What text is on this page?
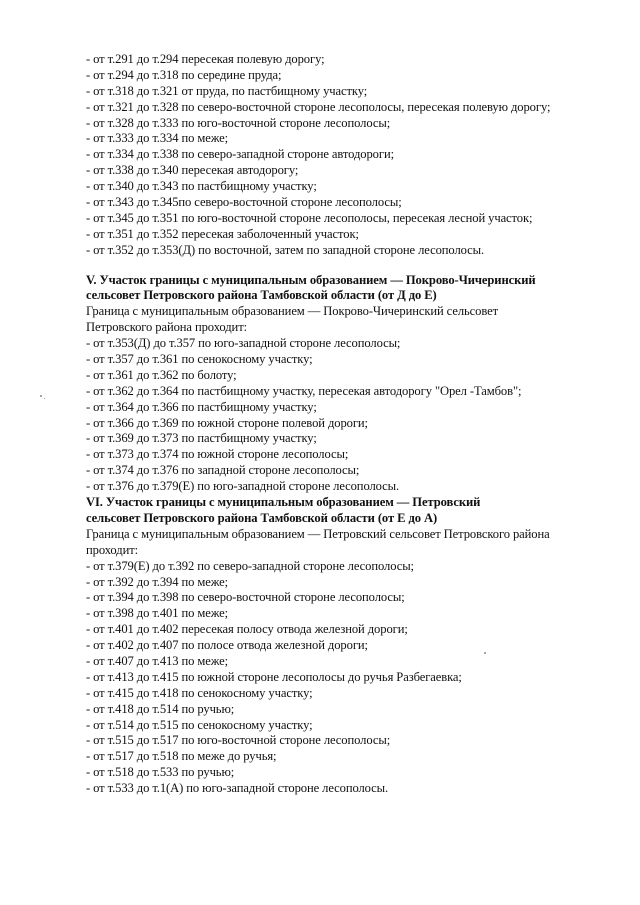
- от т.291 до т.294 пересекая полевую дорогу;
- от т.294 до т.318 по середине пруда;
- от т.318 до т.321 от пруда, по пастбищному участку;
- от т.321 до т.328 по северо-восточной стороне лесополосы, пересекая полевую дорогу;
- от т.328 до т.333 по юго-восточной стороне лесополосы;
- от т.333 до т.334 по меже;
- от т.334 до т.338 по северо-западной стороне автодороги;
- от т.338 до т.340 пересекая автодорогу;
- от т.340 до т.343 по пастбищному участку;
- от т.343 до т.345по северо-восточной стороне лесополосы;
- от т.345 до т.351 по юго-восточной стороне лесополосы, пересекая лесной участок;
- от т.351 до т.352 пересекая заболоченный участок;
- от т.352 до т.353(Д) по восточной, затем по западной стороне лесополосы.
V. Участок границы с муниципальным образованием — Покрово-Чичеринский
сельсовет Петровского района Тамбовской области (от Д до Е)
Граница с муниципальным образованием — Покрово-Чичеринский сельсовет
Петровского района проходит:
- от т.353(Д) до т.357 по юго-западной стороне лесополосы;
- от т.357 до т.361 по сенокосному участку;
- от т.361 до т.362 по болоту;
- от т.362 до т.364 по пастбищному участку, пересекая автодорогу "Орел -Тамбов";
- от т.364 до т.366 по пастбищному участку;
- от т.366 до т.369 по южной стороне полевой дороги;
- от т.369 до т.373 по пастбищному участку;
- от т.373 до т.374 по южной стороне лесополосы;
- от т.374 до т.376 по западной стороне лесополосы;
- от т.376 до т.379(Е) по юго-западной стороне лесополосы.
VI. Участок границы с муниципальным образованием — Петровский
сельсовет Петровского района Тамбовской области (от Е до А)
Граница с муниципальным образованием — Петровский сельсовет Петровского района
проходит:
- от т.379(Е) до т.392 по северо-западной стороне лесополосы;
- от т.392 до т.394 по меже;
- от т.394 до т.398 по северо-восточной стороне лесополосы;
- от т.398 до т.401 по меже;
- от т.401 до т.402 пересекая полосу отвода железной дороги;
- от т.402 до т.407 по полосе отвода железной дороги;
- от т.407 до т.413 по меже;
- от т.413 до т.415 по южной стороне лесополосы до ручья Разбегаевка;
- от т.415 до т.418 по сенокосному участку;
- от т.418 до т.514 по ручью;
- от т.514 до т.515 по сенокосному участку;
- от т.515 до т.517 по юго-восточной стороне лесополосы;
- от т.517 до т.518 по меже до ручья;
- от т.518 до т.533 по ручью;
- от т.533 до т.1(А) по юго-западной стороне лесополосы.
